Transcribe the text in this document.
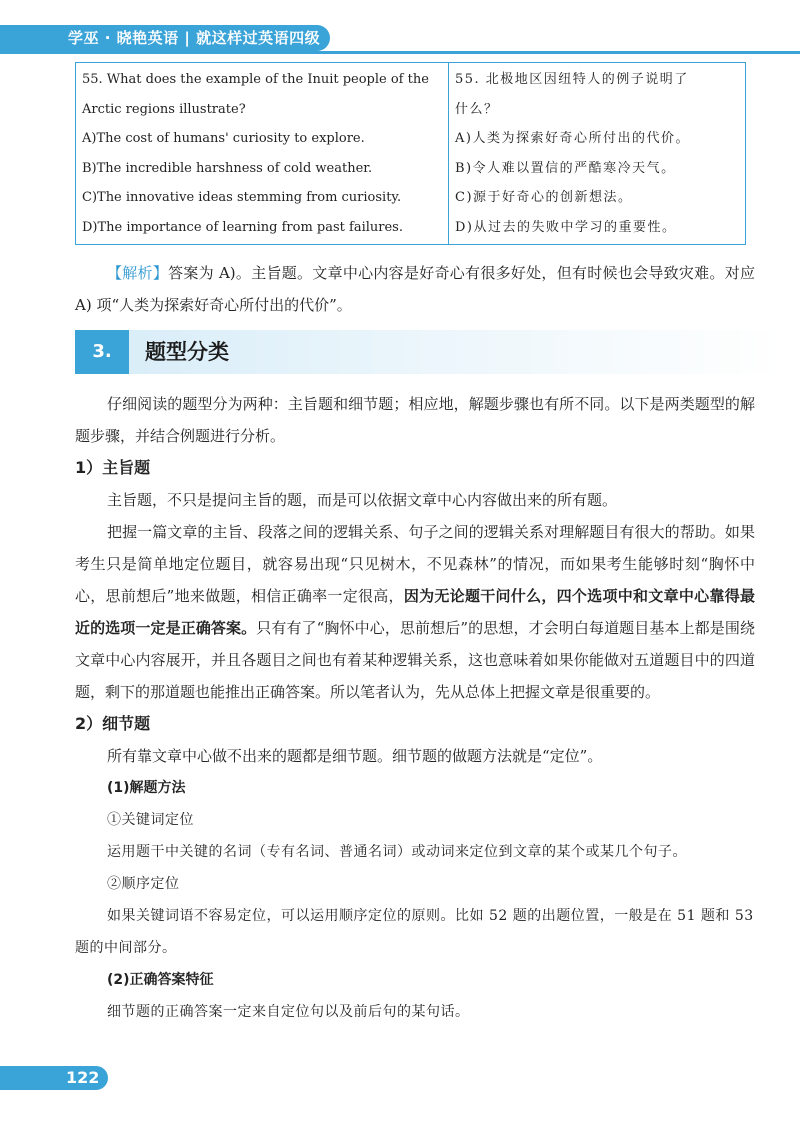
学巫 · 晓艳英语 | 就这样过英语四级
55. What does the example of the Inuit people of the
Arctic regions illustrate?
A)The cost of humans' curiosity to explore.
B)The incredible harshness of cold weather.
C)The innovative ideas stemming from curiosity.
D)The importance of learning from past failures.

55. 北极地区因纽特人的例子说明了
什么？
A)人类为探索好奇心所付出的代价。
B)令人难以置信的严酷寒冷天气。
C)源于好奇心的创新想法。
D)从过去的失败中学习的重要性。

【解析】答案为 A)。主旨题。文章中心内容是好奇心有很多好处，但有时候也会导致灾难。对应 A) 项“人类为探索好奇心所付出的代价”。

3.	题型分类

仔细阅读的题型分为两种：主旨题和细节题；相应地，解题步骤也有所不同。以下是两类题型的解题步骤，并结合例题进行分析。

1）主旨题

主旨题，不只是提问主旨的题，而是可以依据文章中心内容做出来的所有题。

把握一篇文章的主旨、段落之间的逻辑关系、句子之间的逻辑关系对理解题目有很大的帮助。如果考生只是简单地定位题目，就容易出现“只见树木，不见森林”的情况，而如果考生能够时刻“胸怀中心，思前想后”地来做题，相信正确率一定很高，因为无论题干问什么，四个选项中和文章中心靠得最近的选项一定是正确答案。只有有了“胸怀中心，思前想后”的思想，才会明白每道题目基本上都是围绕文章中心内容展开，并且各题目之间也有着某种逻辑关系，这也意味着如果你能做对五道题目中的四道题，剩下的那道题也能推出正确答案。所以笔者认为，先从总体上把握文章是很重要的。

2）细节题

所有靠文章中心做不出来的题都是细节题。细节题的做题方法就是“定位”。

(1)解题方法

①关键词定位

运用题干中关键的名词（专有名词、普通名词）或动词来定位到文章的某个或某几个句子。

②顺序定位

如果关键词语不容易定位，可以运用顺序定位的原则。比如 52 题的出题位置，一般是在 51 题和 53 题的中间部分。

(2)正确答案特征

细节题的正确答案一定来自定位句以及前后句的某句话。

122
